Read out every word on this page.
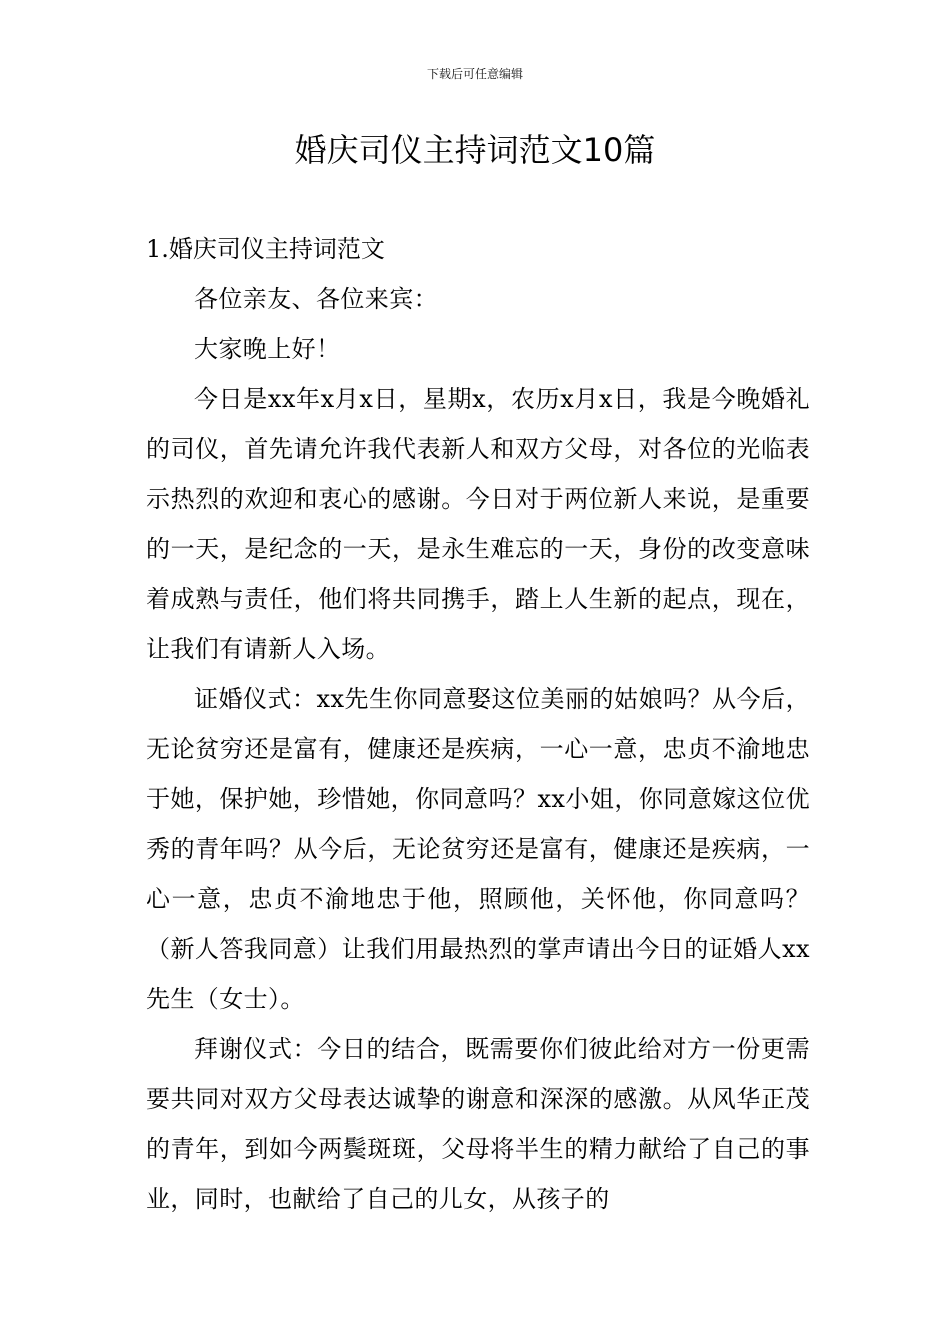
下载后可任意编辑
婚庆司仪主持词范文10篇

1.婚庆司仪主持词范文

各位亲友、各位来宾：

大家晚上好！

今日是xx年x月x日，星期x，农历x月x日，我是今晚婚礼的司仪，首先请允许我代表新人和双方父母，对各位的光临表示热烈的欢迎和衷心的感谢。今日对于两位新人来说，是重要的一天，是纪念的一天，是永生难忘的一天，身份的改变意味着成熟与责任，他们将共同携手，踏上人生新的起点，现在，让我们有请新人入场。

证婚仪式：xx先生你同意娶这位美丽的姑娘吗？从今后，无论贫穷还是富有，健康还是疾病，一心一意，忠贞不渝地忠于她，保护她，珍惜她，你同意吗？xx小姐，你同意嫁这位优秀的青年吗？从今后，无论贫穷还是富有，健康还是疾病，一心一意，忠贞不渝地忠于他，照顾他，关怀他，你同意吗？（新人答我同意）让我们用最热烈的掌声请出今日的证婚人xx先生（女士）。

拜谢仪式：今日的结合，既需要你们彼此给对方一份更需要共同对双方父母表达诚挚的谢意和深深的感激。从风华正茂的青年，到如今两鬓斑斑，父母将半生的精力献给了自己的事业，同时，也献给了自己的儿女，从孩子的
